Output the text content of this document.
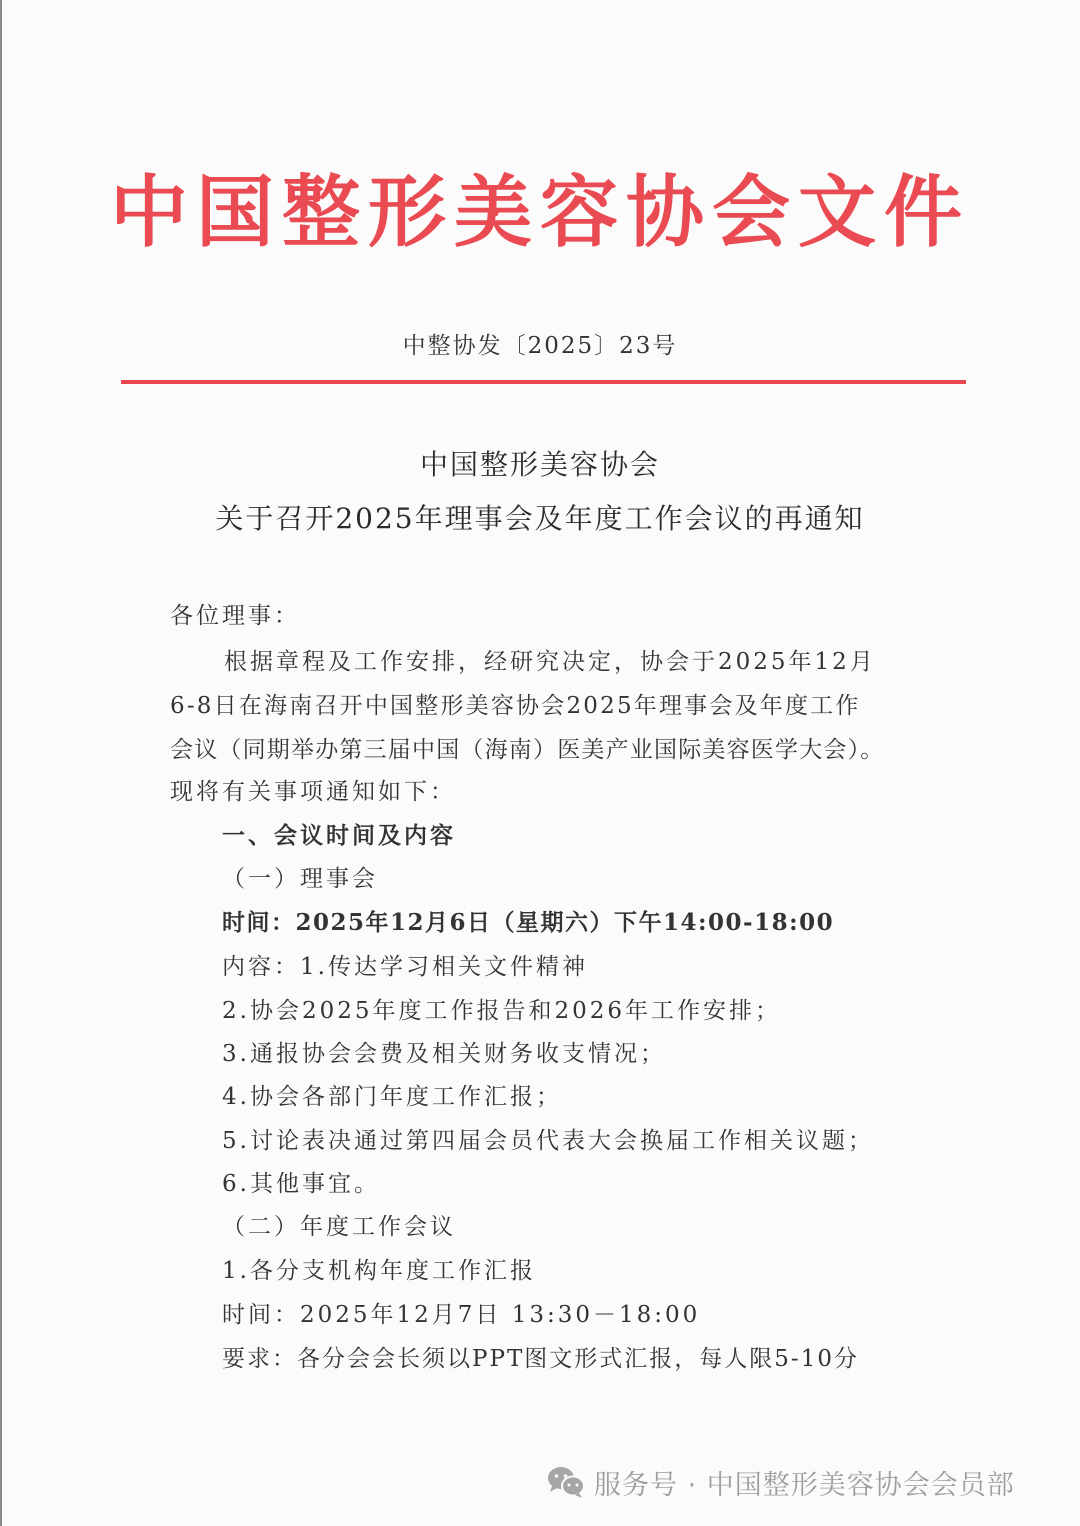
中国整形美容协会文件
中整协发〔2025〕23号
中国整形美容协会
关于召开2025年理事会及年度工作会议的再通知
各位理事：
根据章程及工作安排，经研究决定，协会于2025年12月
6-8日在海南召开中国整形美容协会2025年理事会及年度工作
会议（同期举办第三届中国（海南）医美产业国际美容医学大会）。
现将有关事项通知如下：
一、会议时间及内容
（一）理事会
时间：2025年12月6日（星期六）下午14:00-18:00
内容：1.传达学习相关文件精神
2.协会2025年度工作报告和2026年工作安排；
3.通报协会会费及相关财务收支情况；
4.协会各部门年度工作汇报；
5.讨论表决通过第四届会员代表大会换届工作相关议题；
6.其他事宜。
（二）年度工作会议
1.各分支机构年度工作汇报
时间：2025年12月7日 13:30－18:00
要求：各分会会长须以PPT图文形式汇报，每人限5-10分
服务号 · 中国整形美容协会会员部
